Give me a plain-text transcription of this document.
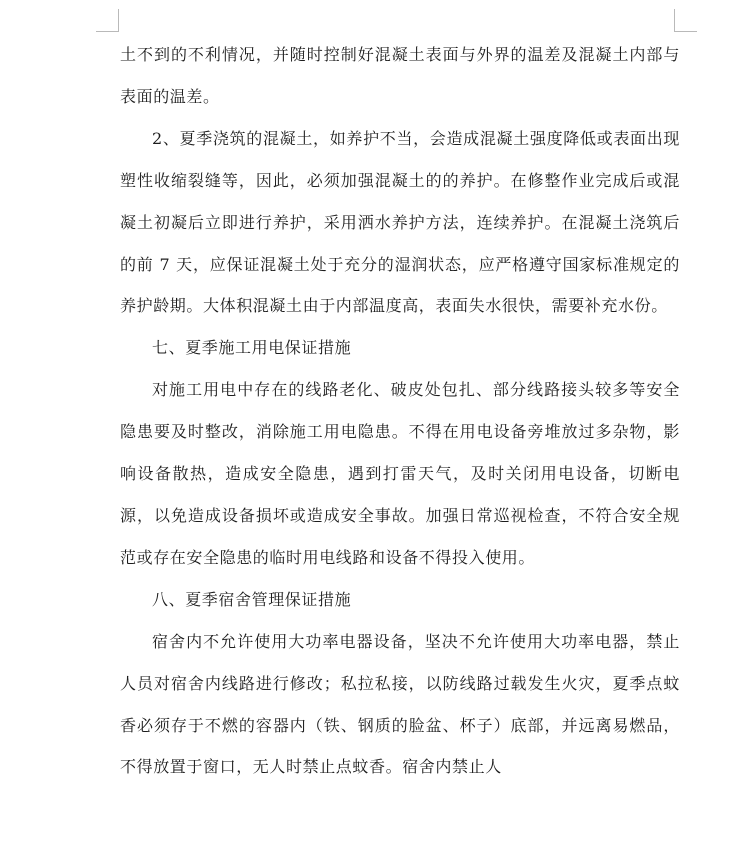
土不到的不利情况，并随时控制好混凝土表面与外界的温差及混凝土内部与表面的温差。

2、夏季浇筑的混凝土，如养护不当，会造成混凝土强度降低或表面出现塑性收缩裂缝等，因此，必须加强混凝土的的养护。在修整作业完成后或混凝土初凝后立即进行养护，采用洒水养护方法，连续养护。在混凝土浇筑后的前 7 天，应保证混凝土处于充分的湿润状态，应严格遵守国家标准规定的养护龄期。大体积混凝土由于内部温度高，表面失水很快，需要补充水份。

七、夏季施工用电保证措施

对施工用电中存在的线路老化、破皮处包扎、部分线路接头较多等安全隐患要及时整改，消除施工用电隐患。不得在用电设备旁堆放过多杂物，影响设备散热，造成安全隐患，遇到打雷天气，及时关闭用电设备，切断电源，以免造成设备损坏或造成安全事故。加强日常巡视检查，不符合安全规范或存在安全隐患的临时用电线路和设备不得投入使用。

八、夏季宿舍管理保证措施

宿舍内不允许使用大功率电器设备，坚决不允许使用大功率电器，禁止人员对宿舍内线路进行修改；私拉私接，以防线路过载发生火灾，夏季点蚊香必须存于不燃的容器内（铁、钢质的脸盆、杯子）底部，并远离易燃品，不得放置于窗口，无人时禁止点蚊香。宿舍内禁止人
